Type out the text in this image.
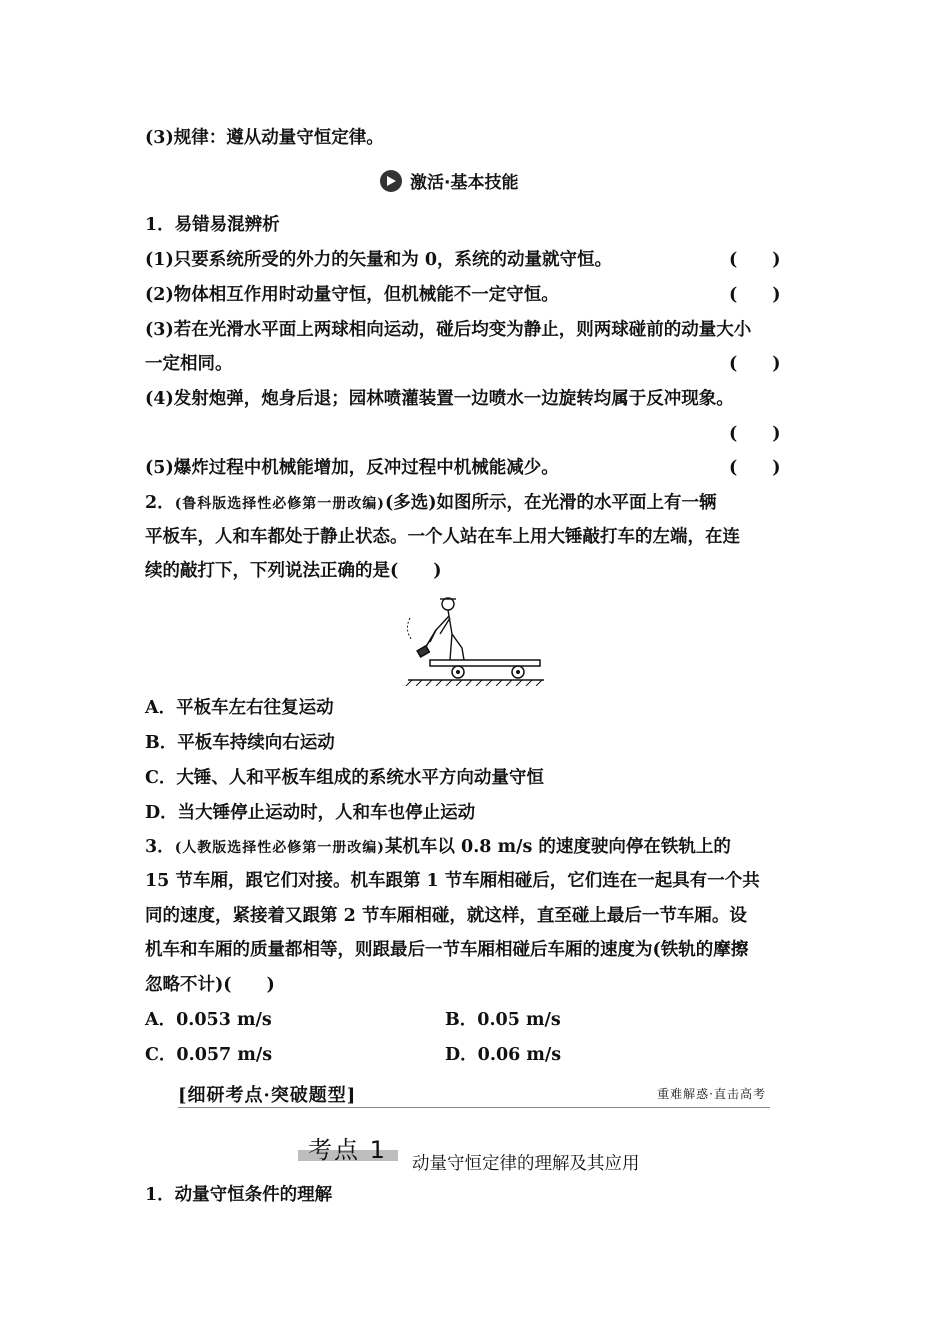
(3)规律：遵从动量守恒定律。
激活·基本技能
1．易错易混辨析
(1)只要系统所受的外力的矢量和为 0，系统的动量就守恒。	(　　)
(2)物体相互作用时动量守恒，但机械能不一定守恒。	(　　)
(3)若在光滑水平面上两球相向运动，碰后均变为静止，则两球碰前的动量大小
一定相同。	(　　)
(4)发射炮弹，炮身后退；园林喷灌装置一边喷水一边旋转均属于反冲现象。
(　　)
(5)爆炸过程中机械能增加，反冲过程中机械能减少。	(　　)
2．(鲁科版选择性必修第一册改编)(多选)如图所示，在光滑的水平面上有一辆
平板车，人和车都处于静止状态。一个人站在车上用大锤敲打车的左端，在连
续的敲打下，下列说法正确的是(　　)
A．平板车左右往复运动
B．平板车持续向右运动
C．大锤、人和平板车组成的系统水平方向动量守恒
D．当大锤停止运动时，人和车也停止运动
3．(人教版选择性必修第一册改编)某机车以 0.8 m/s 的速度驶向停在铁轨上的
15 节车厢，跟它们对接。机车跟第 1 节车厢相碰后，它们连在一起具有一个共
同的速度，紧接着又跟第 2 节车厢相碰，就这样，直至碰上最后一节车厢。设
机车和车厢的质量都相等，则跟最后一节车厢相碰后车厢的速度为(铁轨的摩擦
忽略不计)(　　)
A．0.053 m/s	B．0.05 m/s
C．0.057 m/s	D．0.06 m/s
[细研考点·突破题型]	重难解惑·直击高考
考点 1 动量守恒定律的理解及其应用
1．动量守恒条件的理解
